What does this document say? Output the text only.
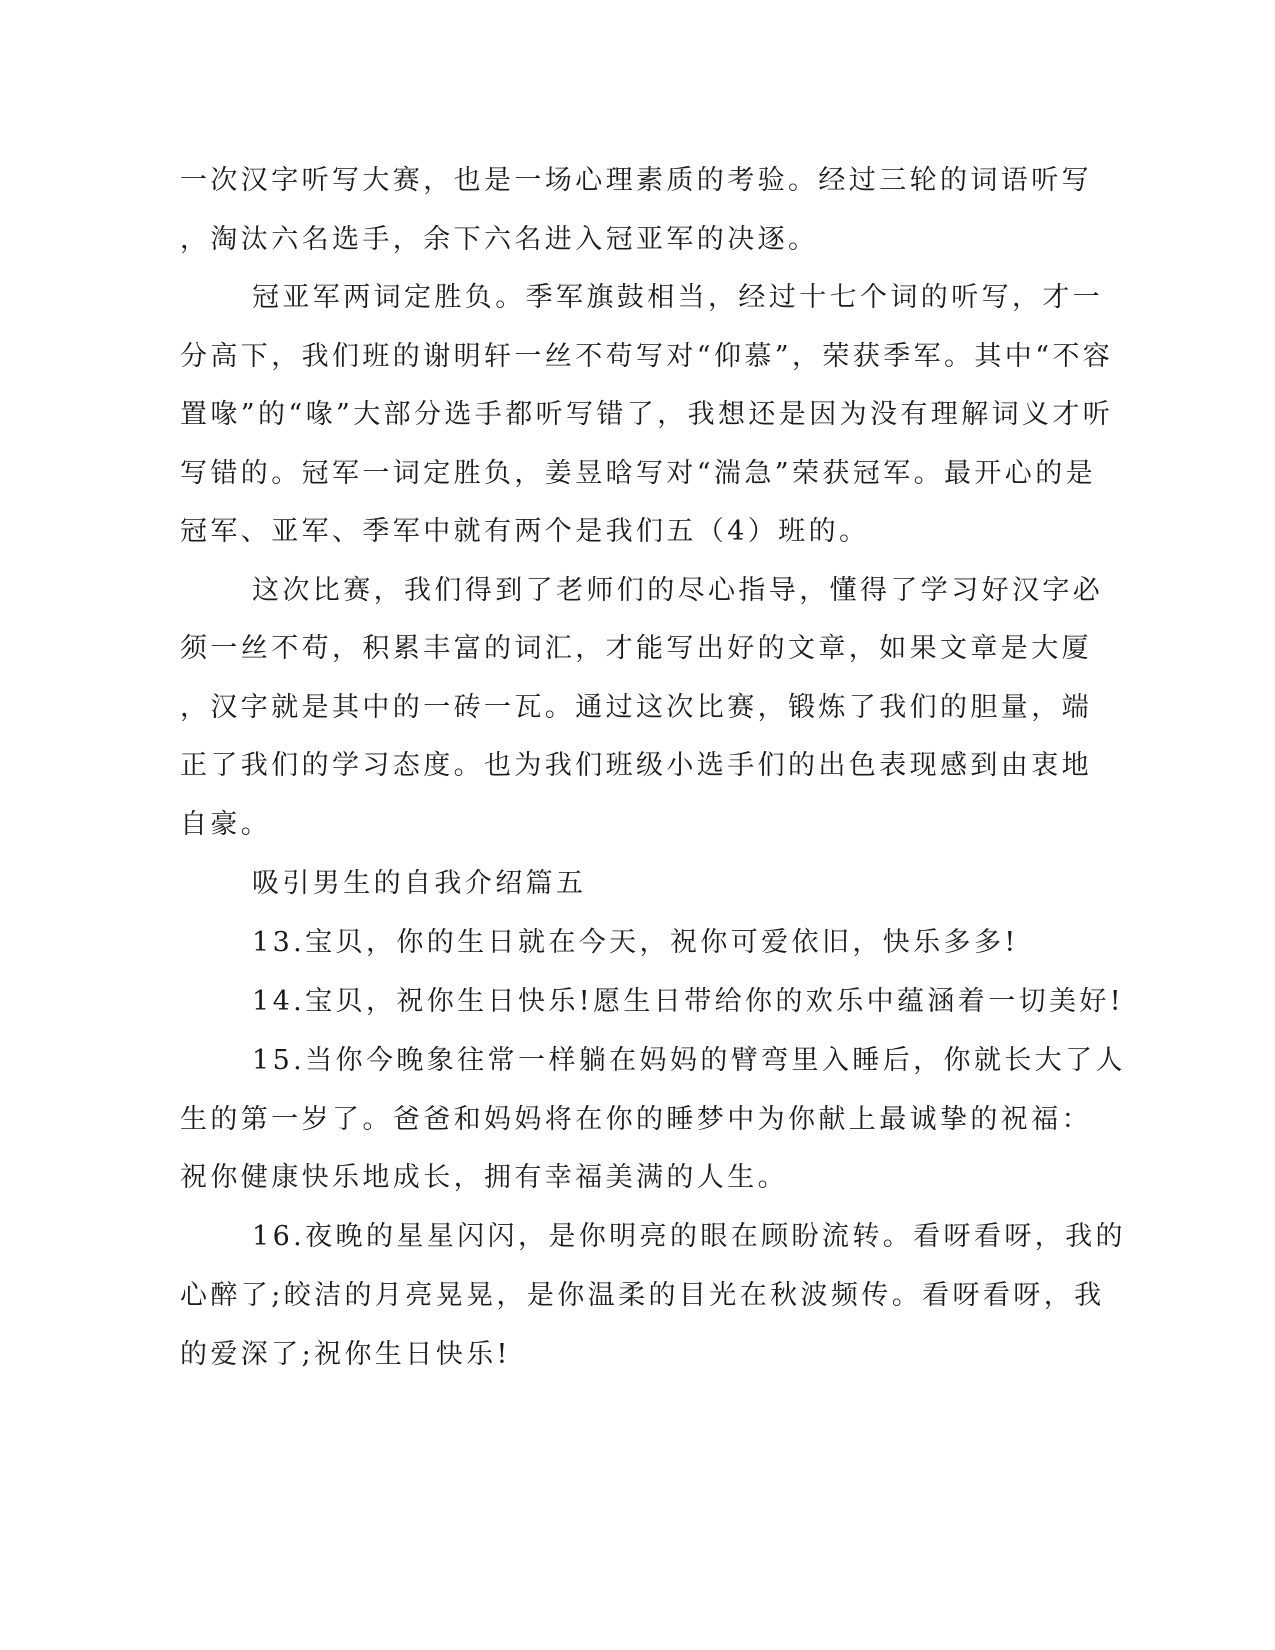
一次汉字听写大赛，也是一场心理素质的考验。经过三轮的词语听写
，淘汰六名选手，余下六名进入冠亚军的决逐。
冠亚军两词定胜负。季军旗鼓相当，经过十七个词的听写，才一
分高下，我们班的谢明轩一丝不苟写对“仰慕”，荣获季军。其中“不容
置喙”的“喙”大部分选手都听写错了，我想还是因为没有理解词义才听
写错的。冠军一词定胜负，姜昱晗写对“湍急”荣获冠军。最开心的是
冠军、亚军、季军中就有两个是我们五（4）班的。
这次比赛，我们得到了老师们的尽心指导，懂得了学习好汉字必
须一丝不苟，积累丰富的词汇，才能写出好的文章，如果文章是大厦
，汉字就是其中的一砖一瓦。通过这次比赛，锻炼了我们的胆量，端
正了我们的学习态度。也为我们班级小选手们的出色表现感到由衷地
自豪。
吸引男生的自我介绍篇五
13.宝贝，你的生日就在今天，祝你可爱依旧，快乐多多!
14.宝贝，祝你生日快乐!愿生日带给你的欢乐中蕴涵着一切美好!
15.当你今晚象往常一样躺在妈妈的臂弯里入睡后，你就长大了人
生的第一岁了。爸爸和妈妈将在你的睡梦中为你献上最诚挚的祝福：
祝你健康快乐地成长，拥有幸福美满的人生。
16.夜晚的星星闪闪，是你明亮的眼在顾盼流转。看呀看呀，我的
心醉了;皎洁的月亮晃晃，是你温柔的目光在秋波频传。看呀看呀，我
的爱深了;祝你生日快乐!
